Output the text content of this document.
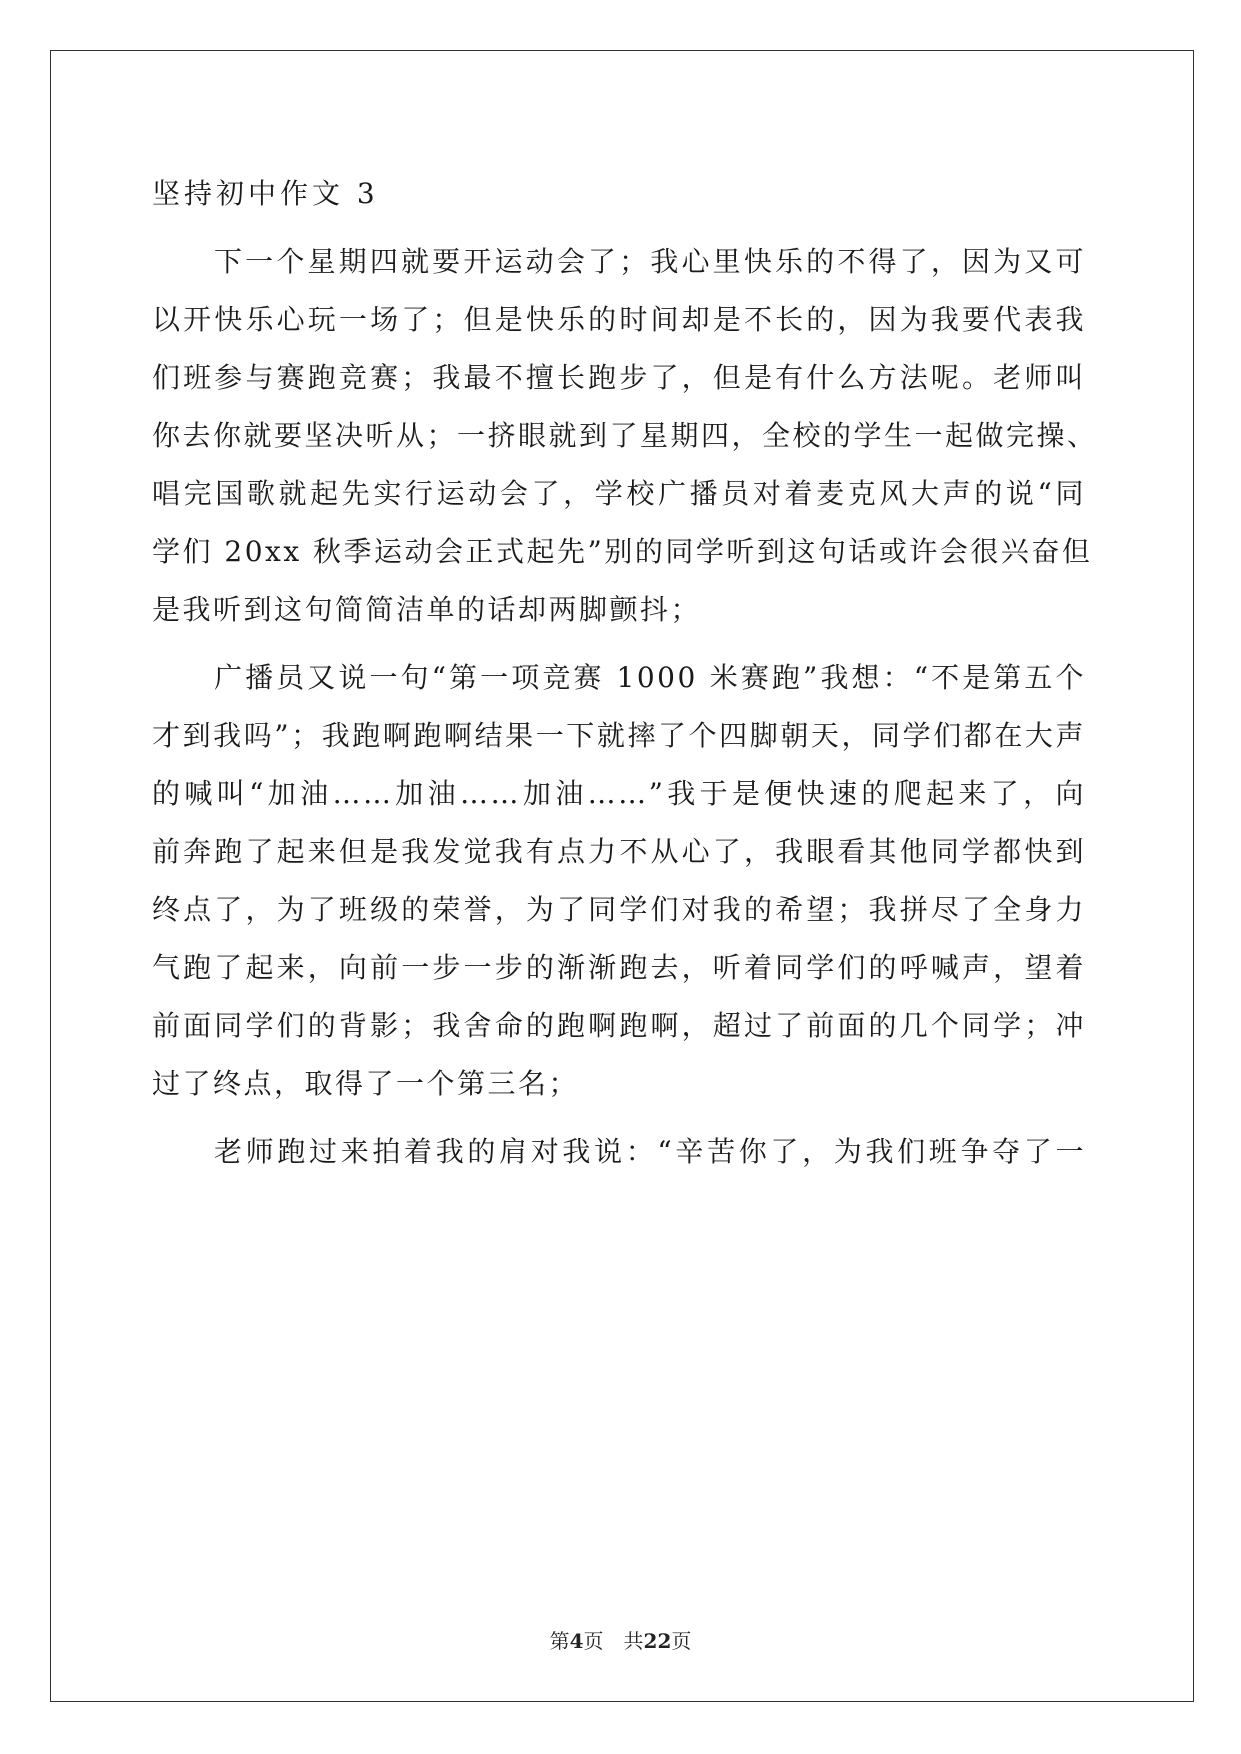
坚持初中作文 3

下一个星期四就要开运动会了；我心里快乐的不得了，因为又可
以开快乐心玩一场了；但是快乐的时间却是不长的，因为我要代表我
们班参与赛跑竞赛；我最不擅长跑步了，但是有什么方法呢。老师叫
你去你就要坚决听从；一挤眼就到了星期四，全校的学生一起做完操、
唱完国歌就起先实行运动会了，学校广播员对着麦克风大声的说“同
学们 20xx 秋季运动会正式起先”别的同学听到这句话或许会很兴奋但
是我听到这句简简洁单的话却两脚颤抖；
广播员又说一句“第一项竞赛 1000 米赛跑”我想：“不是第五个
才到我吗”；我跑啊跑啊结果一下就摔了个四脚朝天，同学们都在大声
的喊叫“加油……加油……加油……”我于是便快速的爬起来了，向
前奔跑了起来但是我发觉我有点力不从心了，我眼看其他同学都快到
终点了，为了班级的荣誉，为了同学们对我的希望；我拼尽了全身力
气跑了起来，向前一步一步的渐渐跑去，听着同学们的呼喊声，望着
前面同学们的背影；我舍命的跑啊跑啊，超过了前面的几个同学；冲
过了终点，取得了一个第三名；
老师跑过来拍着我的肩对我说：“辛苦你了，为我们班争夺了一
第4页 共22页
